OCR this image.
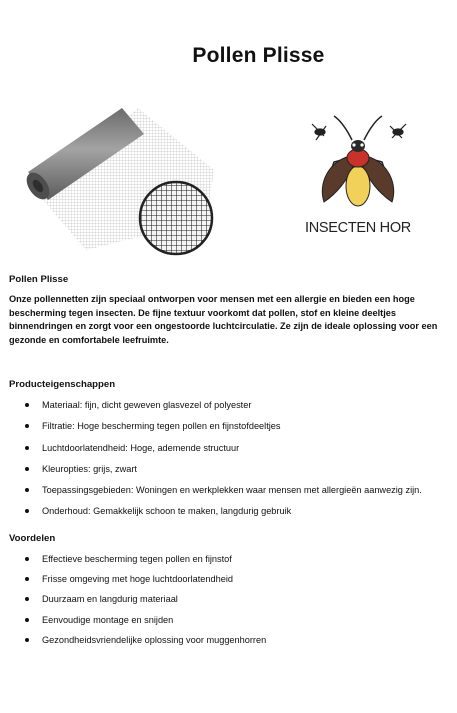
Pollen Plisse
INSECTEN HOR
Pollen Plisse

Onze pollennetten zijn speciaal ontworpen voor mensen met een allergie en bieden een hoge bescherming tegen insecten. De fijne textuur voorkomt dat pollen, stof en kleine deeltjes binnendringen en zorgt voor een ongestoorde luchtcirculatie. Ze zijn de ideale oplossing voor een gezonde en comfortabele leefruimte.

Producteigenschappen
Materiaal: fijn, dicht geweven glasvezel of polyester
Filtratie: Hoge bescherming tegen pollen en fijnstofdeeltjes
Luchtdoorlatendheid: Hoge, ademende structuur
Kleuropties: grijs, zwart
Toepassingsgebieden: Woningen en werkplekken waar mensen met allergieën aanwezig zijn.
Onderhoud: Gemakkelijk schoon te maken, langdurig gebruik
Voordelen
Effectieve bescherming tegen pollen en fijnstof
Frisse omgeving met hoge luchtdoorlatendheid
Duurzaam en langdurig materiaal
Eenvoudige montage en snijden
Gezondheidsvriendelijke oplossing voor muggenhorren
